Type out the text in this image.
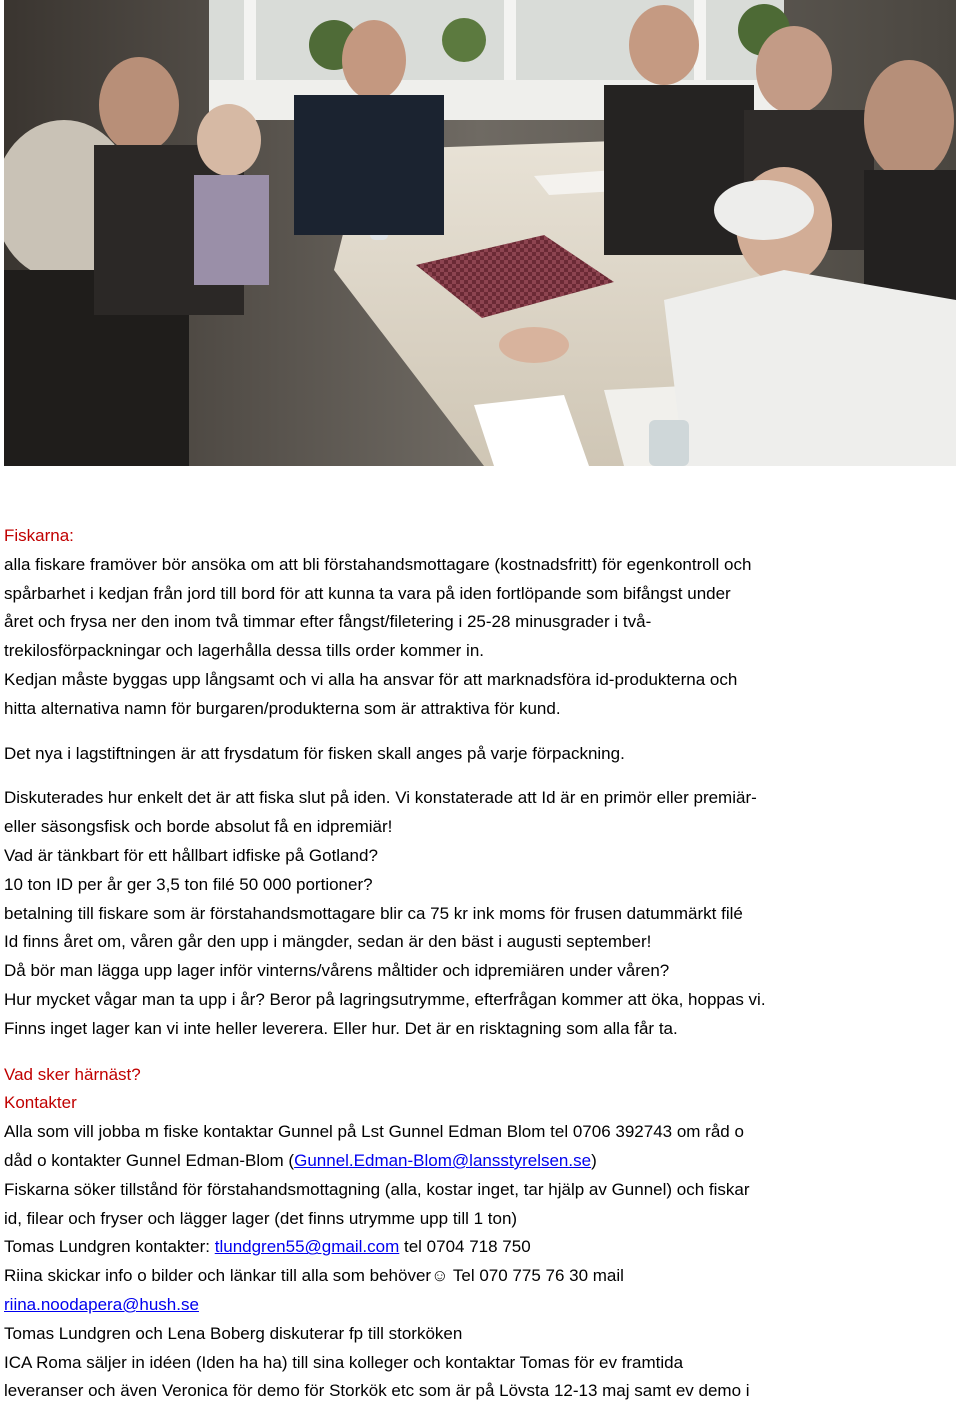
Fiskarna:

alla fiskare framöver bör ansöka om att bli förstahandsmottagare (kostnadsfritt) för egenkontroll och

spårbarhet i kedjan från jord till bord för att kunna ta vara på iden fortlöpande som bifångst under

året och frysa ner den inom två timmar efter fångst/filetering i 25-28 minusgrader i två-

trekilosförpackningar och lagerhålla dessa tills order kommer in.

Kedjan måste byggas upp långsamt och vi alla ha ansvar för att marknadsföra id-produkterna och

hitta alternativa namn för burgaren/produkterna som är attraktiva för kund.

Det nya i lagstiftningen är att frysdatum för fisken skall anges på varje förpackning.

Diskuterades hur enkelt det är att fiska slut på iden. Vi konstaterade att Id är en primör eller premiär-

eller säsongsfisk och borde absolut få en idpremiär!

Vad är tänkbart för ett hållbart idfiske på Gotland?

10 ton ID per år ger 3,5 ton filé 50 000 portioner?

betalning till fiskare som är förstahandsmottagare blir ca 75 kr ink moms för frusen datummärkt filé

Id finns året om, våren går den upp i mängder, sedan är den bäst i augusti september!

Då bör man lägga upp lager inför vinterns/vårens måltider och idpremiären under våren?

Hur mycket vågar man ta upp i år? Beror på lagringsutrymme, efterfrågan kommer att öka, hoppas vi.

Finns inget lager kan vi inte heller leverera. Eller hur. Det är en risktagning som alla får ta.

Vad sker härnäst?

Kontakter

Alla som vill jobba m fiske kontaktar Gunnel på Lst Gunnel Edman Blom tel 0706 392743 om råd o

dåd o kontakter Gunnel Edman-Blom (Gunnel.Edman-Blom@lansstyrelsen.se)

Fiskarna söker tillstånd för förstahandsmottagning (alla, kostar inget, tar hjälp av Gunnel) och fiskar

id, filear och fryser och lägger lager (det finns utrymme upp till 1 ton)

Tomas Lundgren kontakter: tlundgren55@gmail.com tel 0704 718 750

Riina skickar info o bilder och länkar till alla som behöver☺ Tel 070 775 76 30 mail

riina.noodapera@hush.se

Tomas Lundgren och Lena Boberg diskuterar fp till storköken

ICA Roma säljer in idéen (Iden ha ha) till sina kolleger och kontaktar Tomas för ev framtida

leveranser och även Veronica för demo för Storkök etc som är på Lövsta 12-13 maj samt ev demo i
